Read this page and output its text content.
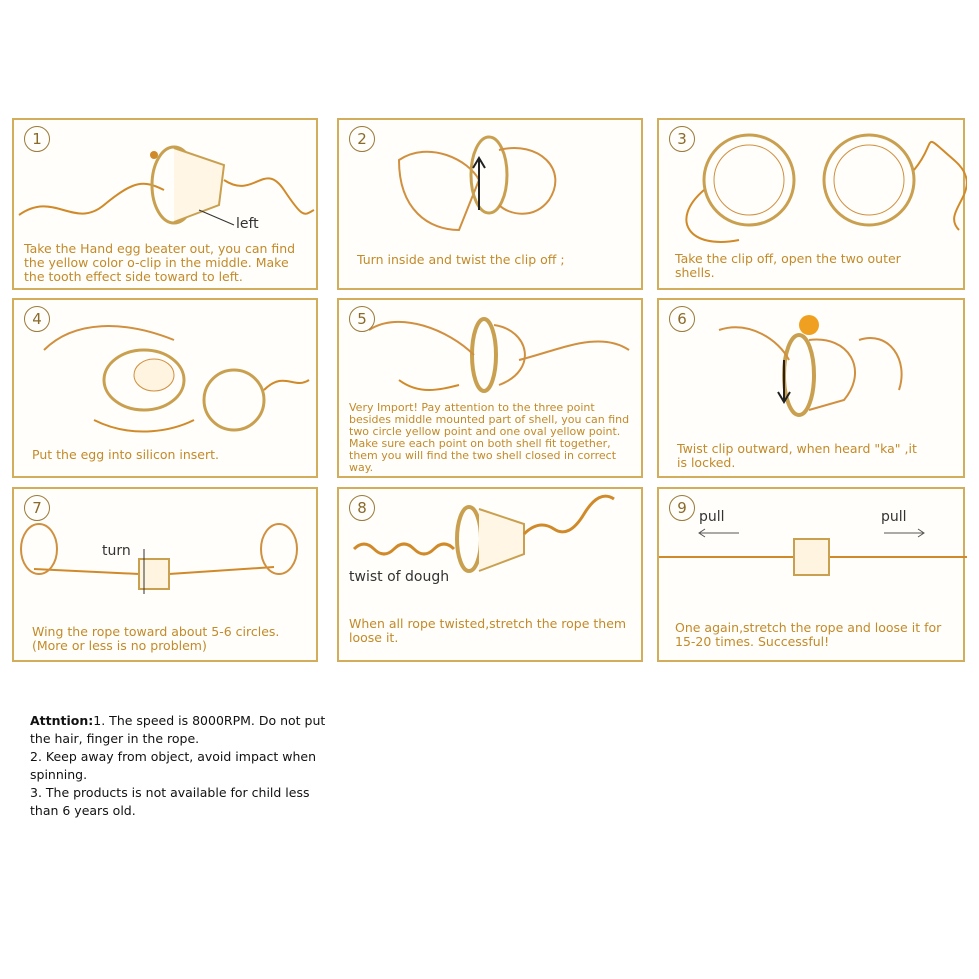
1
left
Take the Hand egg beater out, you can find the yellow color o-clip in the middle. Make the tooth effect side toward to left.
2
Turn inside and twist the clip off ;
3
Take the clip off, open the two outer shells.
4
Put the egg into silicon insert.
5
Very Import! Pay attention to the three point besides middle mounted part of shell, you can find two circle yellow point and one oval yellow point. Make sure each point on both shell fit together, them you will find the two shell closed in correct way.
6
Twist clip outward, when heard "ka" ,it is locked.
7
turn
Wing the rope toward about 5-6 circles. (More or less is no problem)
8
twist of dough
When all rope twisted,stretch the rope them loose it.
9 pull	pull
One again,stretch the rope and loose it for 15-20 times. Successful!
Attntion:1. The speed is 8000RPM. Do not put the hair, finger in the rope.
2. Keep away from object, avoid impact when spinning.
3. The products is not available for child less than 6 years old.
